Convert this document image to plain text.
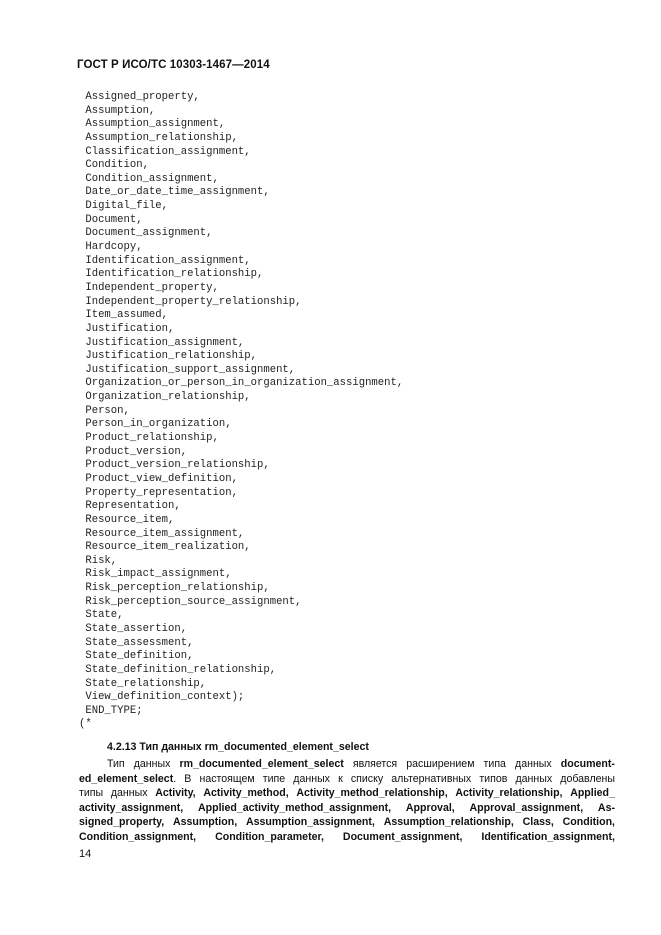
ГОСТ Р ИСО/ТС 10303-1467—2014
Assigned_property,
Assumption,
Assumption_assignment,
Assumption_relationship,
Classification_assignment,
Condition,
Condition_assignment,
Date_or_date_time_assignment,
Digital_file,
Document,
Document_assignment,
Hardcopy,
Identification_assignment,
Identification_relationship,
Independent_property,
Independent_property_relationship,
Item_assumed,
Justification,
Justification_assignment,
Justification_relationship,
Justification_support_assignment,
Organization_or_person_in_organization_assignment,
Organization_relationship,
Person,
Person_in_organization,
Product_relationship,
Product_version,
Product_version_relationship,
Product_view_definition,
Property_representation,
Representation,
Resource_item,
Resource_item_assignment,
Resource_item_realization,
Risk,
Risk_impact_assignment,
Risk_perception_relationship,
Risk_perception_source_assignment,
State,
State_assertion,
State_assessment,
State_definition,
State_definition_relationship,
State_relationship,
View_definition_context);
END_TYPE;
(*
4.2.13 Тип данных rm_documented_element_select
Тип данных rm_documented_element_select является расширением типа данных document-
ed_element_select. В настоящем типе данных к списку альтернативных типов данных добавлены
типы данных Activity, Activity_method, Activity_method_relationship, Activity_relationship, Applied_
activity_assignment, Applied_activity_method_assignment, Approval, Approval_assignment, As-
signed_property, Assumption, Assumption_assignment, Assumption_relationship, Class, Condition,
Condition_assignment, Condition_parameter, Document_assignment, Identification_assignment,
14
